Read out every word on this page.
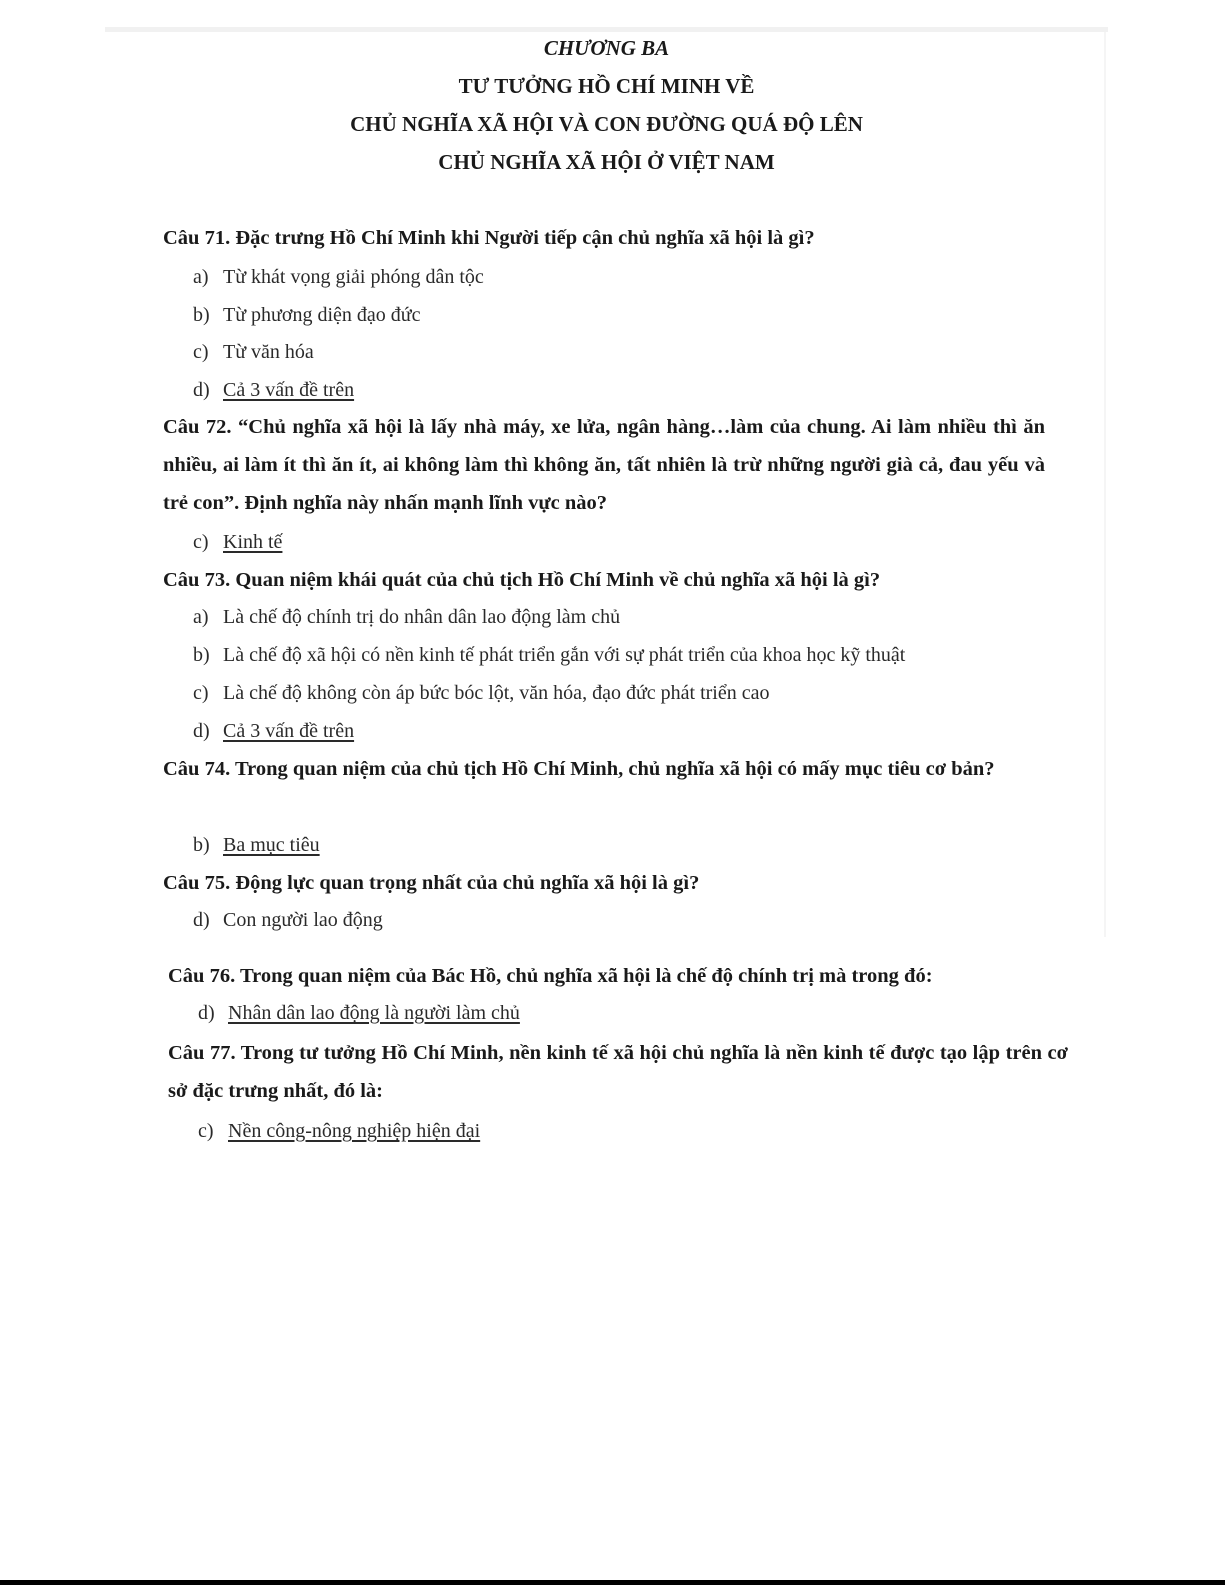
CHƯƠNG BA
TƯ TƯỞNG HỒ CHÍ MINH VỀ
CHỦ NGHĨA XÃ HỘI VÀ CON ĐƯỜNG QUÁ ĐỘ LÊN
CHỦ NGHĨA XÃ HỘI Ở VIỆT NAM
Câu 71. Đặc trưng Hồ Chí Minh khi Người tiếp cận chủ nghĩa xã hội là gì?
a) Từ khát vọng giải phóng dân tộc
b) Từ phương diện đạo đức
c) Từ văn hóa
d) Cả 3 vấn đề trên
Câu 72. “Chủ nghĩa xã hội là lấy nhà máy, xe lửa, ngân hàng…làm của chung. Ai làm nhiều thì ăn nhiều, ai làm ít thì ăn ít, ai không làm thì không ăn, tất nhiên là trừ những người già cả, đau yếu và trẻ con”. Định nghĩa này nhấn mạnh lĩnh vực nào?
c) Kinh tế
Câu 73. Quan niệm khái quát của chủ tịch Hồ Chí Minh về chủ nghĩa xã hội là gì?
a) Là chế độ chính trị do nhân dân lao động làm chủ
b) Là chế độ xã hội có nền kinh tế phát triển gắn với sự phát triển của khoa học kỹ thuật
c) Là chế độ không còn áp bức bóc lột, văn hóa, đạo đức phát triển cao
d) Cả 3 vấn đề trên
Câu 74. Trong quan niệm của chủ tịch Hồ Chí Minh, chủ nghĩa xã hội có mấy mục tiêu cơ bản?
b) Ba mục tiêu
Câu 75. Động lực quan trọng nhất của chủ nghĩa xã hội là gì?
d) Con người lao động
Câu 76. Trong quan niệm của Bác Hồ, chủ nghĩa xã hội là chế độ chính trị mà trong đó:
d) Nhân dân lao động là người làm chủ
Câu 77. Trong tư tưởng Hồ Chí Minh, nền kinh tế xã hội chủ nghĩa là nền kinh tế được tạo lập trên cơ sở đặc trưng nhất, đó là:
c) Nền công-nông nghiệp hiện đại
